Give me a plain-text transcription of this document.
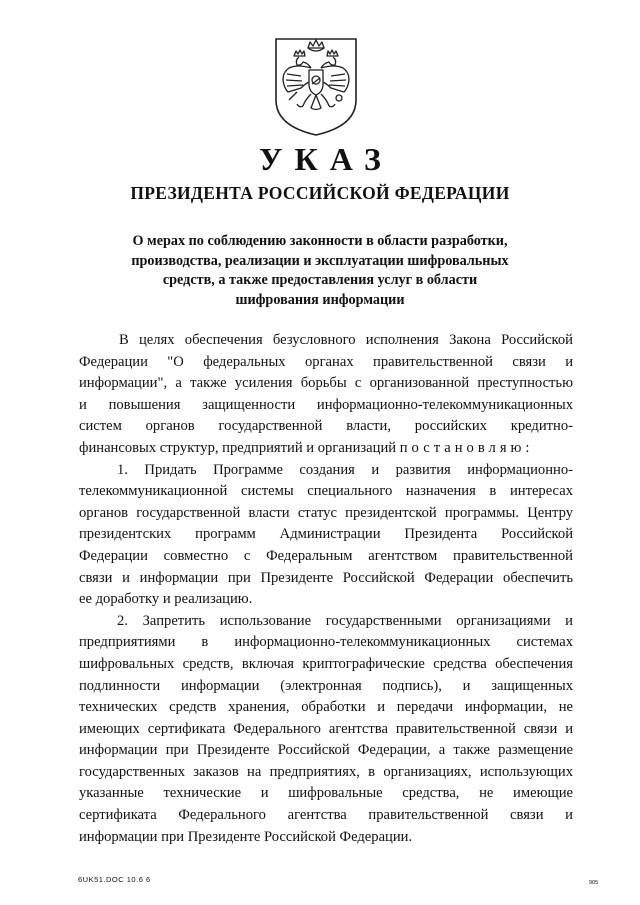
УКАЗ
ПРЕЗИДЕНТА РОССИЙСКОЙ ФЕДЕРАЦИИ
О мерах по соблюдению законности в области разработки,
производства, реализации и эксплуатации шифровальных
средств, а также предоставления услуг в области
шифрования информации
В целях обеспечения безусловного исполнения Закона Российской
Федерации "О федеральных органах правительственной связи и
информации", а также усиления борьбы с организованной преступностью
и повышения защищенности информационно-телекоммуникационных
систем органов государственной власти, российских кредитно-
финансовых структур, предприятий и организаций постановляю:
1. Придать Программе создания и развития информационно-
телекоммуникационной системы специального назначения в интересах
органов государственной власти статус президентской программы. Центру
президентских программ Администрации Президента Российской
Федерации совместно с Федеральным агентством правительственной
связи и информации при Президенте Российской Федерации обеспечить
ее доработку и реализацию.
2. Запретить использование государственными организациями и
предприятиями в информационно-телекоммуникационных системах
шифровальных средств, включая криптографические средства обеспечения
подлинности информации (электронная подпись), и защищенных
технических средств хранения, обработки и передачи информации, не
имеющих сертификата Федерального агентства правительственной связи и
информации при Президенте Российской Федерации, а также размещение
государственных заказов на предприятиях, в организациях, использующих
указанные технические и шифровальные средства, не имеющие
сертификата Федерального агентства правительственной связи и
информации при Президенте Российской Федерации.
6UK51.DOC 10.6 6	905
